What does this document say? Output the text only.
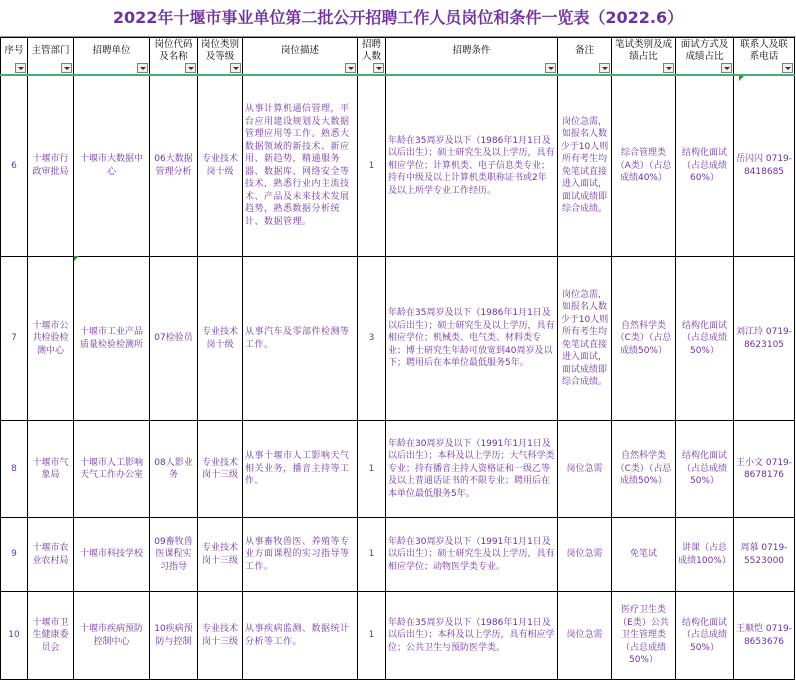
2022年十堰市事业单位第二批公开招聘工作人员岗位和条件一览表（2022.6）
序号	主管部门	招聘单位	岗位代码及名称	岗位类别及等级	岗位描述	招聘人数	招聘条件	备注	笔试类别及成绩占比	面试方式及成绩占比	联系人及联系电话

6	十堰市行政审批局	十堰市大数据中心	06大数据管理分析	专业技术岗十级	从事计算机通信管理，平台应用建设规划及大数据管理应用等工作。熟悉大数据领域的新技术、新应用、新趋势，精通服务器、数据库、网络安全等技术，熟悉行业内主流技术、产品及未来技术发展趋势，熟悉数据分析统计、数据管理。	1	年龄在35周岁及以下（1986年1月1日及以后出生）；硕士研究生及以上学历，具有相应学位；计算机类、电子信息类专业；持有中级及以上计算机类职称证书或2年及以上所学专业工作经历。	岗位急需，如报名人数少于10人则所有考生均免笔试直接进入面试，面试成绩即综合成绩。	综合管理类（A类）（占总成绩40%）	结构化面试（占总成绩60%）	岳闪闪 0719-8418685
7	十堰市公共检验检测中心	十堰市工业产品质量检验检测所	07检验员	专业技术岗十级	从事汽车及零部件检测等工作。	3	年龄在35周岁及以下（1986年1月1日及以后出生）；硕士研究生及以上学历，具有相应学位；机械类、电气类、材料类专业；博士研究生年龄可放宽到40周岁及以下；聘用后在本单位最低服务5年。	岗位急需，如报名人数少于10人则所有考生均免笔试直接进入面试，面试成绩即综合成绩。	自然科学类（C类）（占总成绩50%）	结构化面试（占总成绩50%）	刘江玲 0719-8623105
8	十堰市气象局	十堰市人工影响天气工作办公室	08人影业务	专业技术岗十三级	从事十堰市人工影响天气相关业务，播音主持等工作。	1	年龄在30周岁及以下（1991年1月1日及以后出生）；本科及以上学历；大气科学类专业；持有播音主持人资格证和一级乙等及以上普通话证书的不限专业；聘用后在本单位最低服务5年。	岗位急需	自然科学类（C类）（占总成绩50%）	结构化面试（占总成绩50%）	王小文 0719-8678176
9	十堰市农业农村局	十堰市科技学校	09畜牧兽医课程实习指导	专业技术岗十三级	从事畜牧兽医、养殖等专业方面课程的实习指导等工作。	1	年龄在30周岁及以下（1991年1月1日及以后出生）；硕士研究生及以上学历，具有相应学位；动物医学类专业。	岗位急需	免笔试	讲课（占总成绩100%）	周慕 0719-5523000
10	十堰市卫生健康委员会	十堰市疾病预防控制中心	10疾病预防与控制	专业技术岗十三级	从事疾病监测、数据统计分析等工作。	1	年龄在35周岁及以下（1986年1月1日及以后出生）；本科及以上学历，具有相应学位；公共卫生与预防医学类。	岗位急需	医疗卫生类（E类）公共卫生管理类（占总成绩50%）	结构化面试（占总成绩50%）	王顺恺 0719-8653676
